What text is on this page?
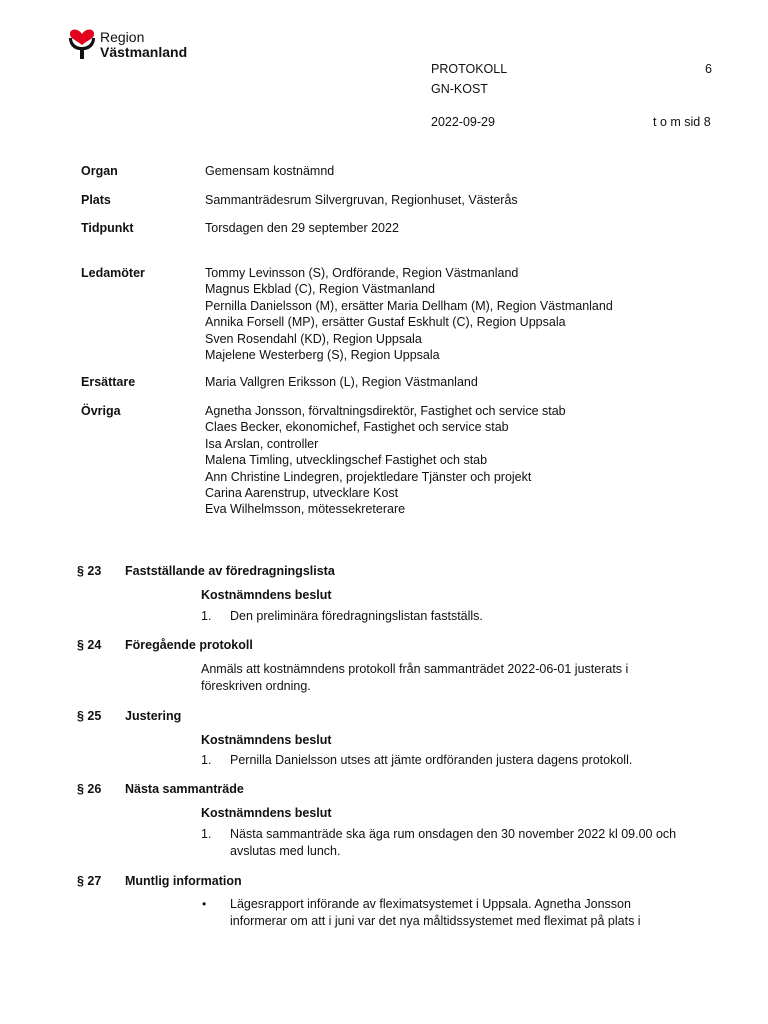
Region
Västmanland
PROTOKOLL	6
GN-KOST
2022-09-29	t o m sid 8
Organ	Gemensam kostnämnd
Plats	Sammanträdesrum Silvergruvan, Regionhuset, Västerås
Tidpunkt	Torsdagen den 29 september 2022
Ledamöter	Tommy Levinsson (S), Ordförande, Region Västmanland
Magnus Ekblad (C), Region Västmanland
Pernilla Danielsson (M), ersätter Maria Dellham (M), Region Västmanland
Annika Forsell (MP), ersätter Gustaf Eskhult (C), Region Uppsala
Sven Rosendahl (KD), Region Uppsala
Majelene Westerberg (S), Region Uppsala
Ersättare	Maria Vallgren Eriksson (L), Region Västmanland
Övriga	Agnetha Jonsson, förvaltningsdirektör, Fastighet och service stab
Claes Becker, ekonomichef, Fastighet och service stab
Isa Arslan, controller
Malena Timling, utvecklingschef Fastighet och stab
Ann Christine Lindegren, projektledare Tjänster och projekt
Carina Aarenstrup, utvecklare Kost
Eva Wilhelmsson, mötessekreterare
§ 23 Fastställande av föredragningslista
Kostnämndens beslut
1. Den preliminära föredragningslistan fastställs.
§ 24 Föregående protokoll
Anmäls att kostnämndens protokoll från sammanträdet 2022-06-01 justerats i
föreskriven ordning.
§ 25 Justering
Kostnämndens beslut
1. Pernilla Danielsson utses att jämte ordföranden justera dagens protokoll.
§ 26 Nästa sammanträde
Kostnämndens beslut
1. Nästa sammanträde ska äga rum onsdagen den 30 november 2022 kl 09.00 och
avslutas med lunch.
§ 27 Muntlig information
• Lägesrapport införande av fleximatsystemet i Uppsala. Agnetha Jonsson
informerar om att i juni var det nya måltidssystemet med fleximat på plats i
